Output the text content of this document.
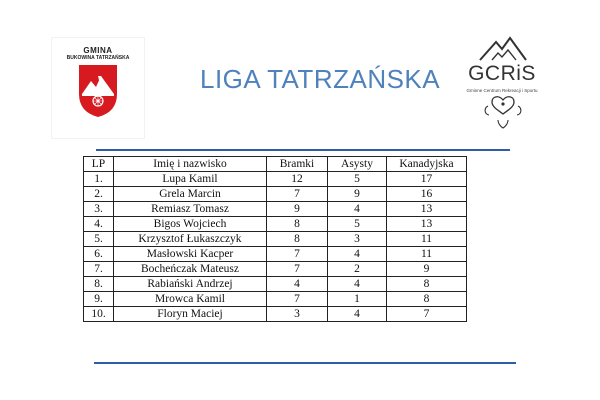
GMINA
BUKOWINA TATRZAŃSKA
LIGA TATRZAŃSKA	GCRiS
Gminne Centrum Rekreacji i Sportu
LP	Imię i nazwisko	Bramki	Asysty	Kanadyjska
1.	Lupa Kamil	12	5	17
2.	Grela Marcin	7	9	16
3.	Remiasz Tomasz	9	4	13
4.	Bigos Wojciech	8	5	13
5.	Krzysztof Łukaszczyk	8	3	11
6.	Masłowski Kacper	7	4	11
7.	Bocheńczak Mateusz	7	2	9
8.	Rabiański Andrzej	4	4	8
9.	Mrowca Kamil	7	1	8
10.	Floryn Maciej	3	4	7
